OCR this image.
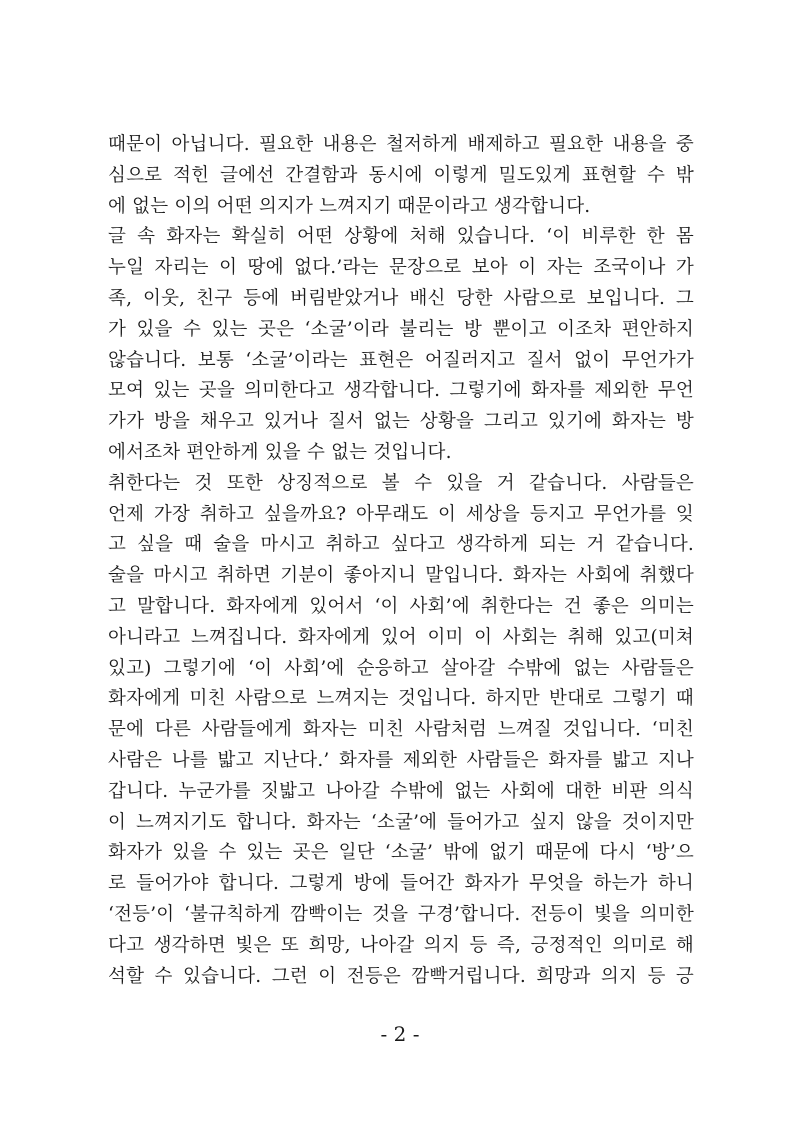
때문이 아닙니다. 필요한 내용은 철저하게 배제하고 필요한 내용을 중
심으로 적힌 글에선 간결함과 동시에 이렇게 밀도있게 표현할 수 밖
에 없는 이의 어떤 의지가 느껴지기 때문이라고 생각합니다.
글 속 화자는 확실히 어떤 상황에 처해 있습니다. ‘이 비루한 한 몸
누일 자리는 이 땅에 없다.’라는 문장으로 보아 이 자는 조국이나 가
족, 이웃, 친구 등에 버림받았거나 배신 당한 사람으로 보입니다. 그
가 있을 수 있는 곳은 ‘소굴’이라 불리는 방 뿐이고 이조차 편안하지
않습니다. 보통 ‘소굴’이라는 표현은 어질러지고 질서 없이 무언가가
모여 있는 곳을 의미한다고 생각합니다. 그렇기에 화자를 제외한 무언
가가 방을 채우고 있거나 질서 없는 상황을 그리고 있기에 화자는 방
에서조차 편안하게 있을 수 없는 것입니다.
취한다는 것 또한 상징적으로 볼 수 있을 거 같습니다. 사람들은
언제 가장 취하고 싶을까요? 아무래도 이 세상을 등지고 무언가를 잊
고 싶을 때 술을 마시고 취하고 싶다고 생각하게 되는 거 같습니다.
술을 마시고 취하면 기분이 좋아지니 말입니다. 화자는 사회에 취했다
고 말합니다. 화자에게 있어서 ‘이 사회’에 취한다는 건 좋은 의미는
아니라고 느껴집니다. 화자에게 있어 이미 이 사회는 취해 있고(미쳐
있고) 그렇기에 ‘이 사회’에 순응하고 살아갈 수밖에 없는 사람들은
화자에게 미친 사람으로 느껴지는 것입니다. 하지만 반대로 그렇기 때
문에 다른 사람들에게 화자는 미친 사람처럼 느껴질 것입니다. ‘미친
사람은 나를 밟고 지난다.’ 화자를 제외한 사람들은 화자를 밟고 지나
갑니다. 누군가를 짓밟고 나아갈 수밖에 없는 사회에 대한 비판 의식
이 느껴지기도 합니다. 화자는 ‘소굴’에 들어가고 싶지 않을 것이지만
화자가 있을 수 있는 곳은 일단 ‘소굴’ 밖에 없기 때문에 다시 ‘방’으
로 들어가야 합니다. 그렇게 방에 들어간 화자가 무엇을 하는가 하니
‘전등’이 ‘불규칙하게 깜빡이는 것을 구경’합니다. 전등이 빛을 의미한
다고 생각하면 빛은 또 희망, 나아갈 의지 등 즉, 긍정적인 의미로 해
석할 수 있습니다. 그런 이 전등은 깜빡거립니다. 희망과 의지 등 긍
- 2 -
